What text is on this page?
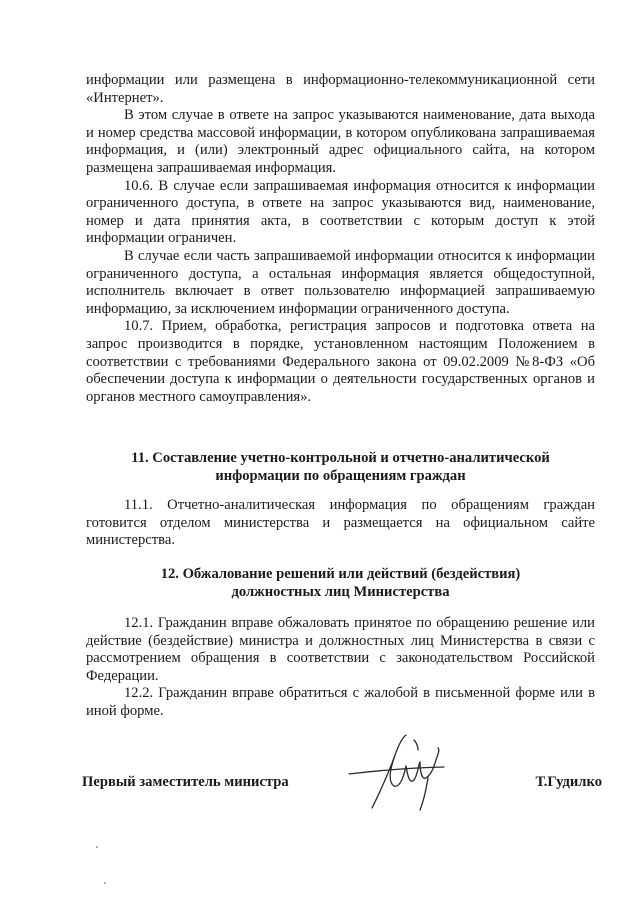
информации или размещена в информационно-телекоммуникационной сети «Интернет».

В этом случае в ответе на запрос указываются наименование, дата выхода и номер средства массовой информации, в котором опубликована запрашиваемая информация, и (или) электронный адрес официального сайта, на котором размещена запрашиваемая информация.

10.6. В случае если запрашиваемая информация относится к информации ограниченного доступа, в ответе на запрос указываются вид, наименование, номер и дата принятия акта, в соответствии с которым доступ к этой информации ограничен.

В случае если часть запрашиваемой информации относится к информации ограниченного доступа, а остальная информация является общедоступной, исполнитель включает в ответ пользователю информацией запрашиваемую информацию, за исключением информации ограниченного доступа.

10.7. Прием, обработка, регистрация запросов и подготовка ответа на запрос производится в порядке, установленном настоящим Положением в соответствии с требованиями Федерального закона от 09.02.2009 №8-ФЗ «Об обеспечении доступа к информации о деятельности государственных органов и органов местного самоуправления».

11. Составление учетно-контрольной и отчетно-аналитической
информации по обращениям граждан

11.1. Отчетно-аналитическая информация по обращениям граждан готовится отделом министерства и размещается на официальном сайте министерства.

12. Обжалование решений или действий (бездействия)
должностных лиц Министерства

12.1. Гражданин вправе обжаловать принятое по обращению решение или действие (бездействие) министра и должностных лиц Министерства в связи с рассмотрением обращения в соответствии с законодательством Российской Федерации.

12.2. Гражданин вправе обратиться с жалобой в письменной форме или в иной форме.

Первый заместитель министра	Т.Гудилко
